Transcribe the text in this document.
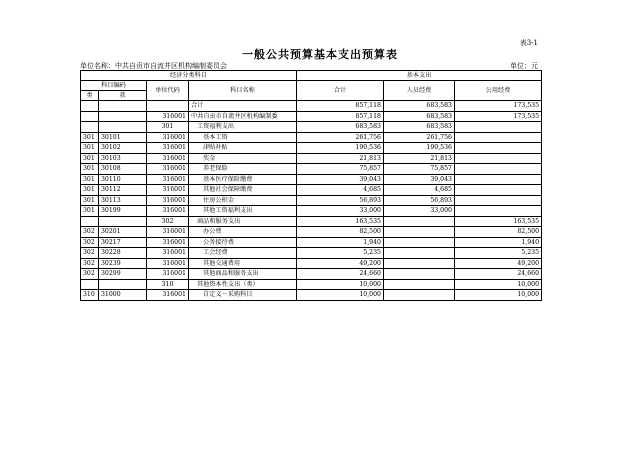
表3-1
一般公共预算基本支出预算表
单位名称：中共自贡市自流井区机构编制委员会	单位：元
经济分类科目				基本支出		
科目编码		单位代码	科目名称	合计	人员经费	公用经费
类	款					
			合计	857,118	683,583	173,535
		316001	中共自贡市自流井区机构编制委	857,118	683,583	173,535
		301	工资福利支出	683,583	683,583	
301	30101	316001	基本工资	261,756	261,756	
301	30102	316001	津贴补贴	190,536	190,536	
301	30103	316001	奖金	21,813	21,813	
301	30108	316001	养老保险	75,857	75,857	
301	30110	316001	基本医疗保险缴费	39,043	39,043	
301	30112	316001	其他社会保障缴费	4,685	4,685	
301	30113	316001	住房公积金	56,893	56,893	
301	30199	316001	其他工资福利支出	33,000	33,000	
		302	商品和服务支出	163,535		163,535
302	30201	316001	办公费	82,500		82,500
302	30217	316001	公务接待费	1,940		1,940
302	30228	316001	工会经费	5,235		5,235
302	30239	316001	其他交通费用	49,200		49,200
302	30299	316001	其他商品和服务支出	24,660		24,660
		310	其他资本性支出（类）	10,000		10,000
310	31000	316001	自定义－采购科目	10,000		10,000
